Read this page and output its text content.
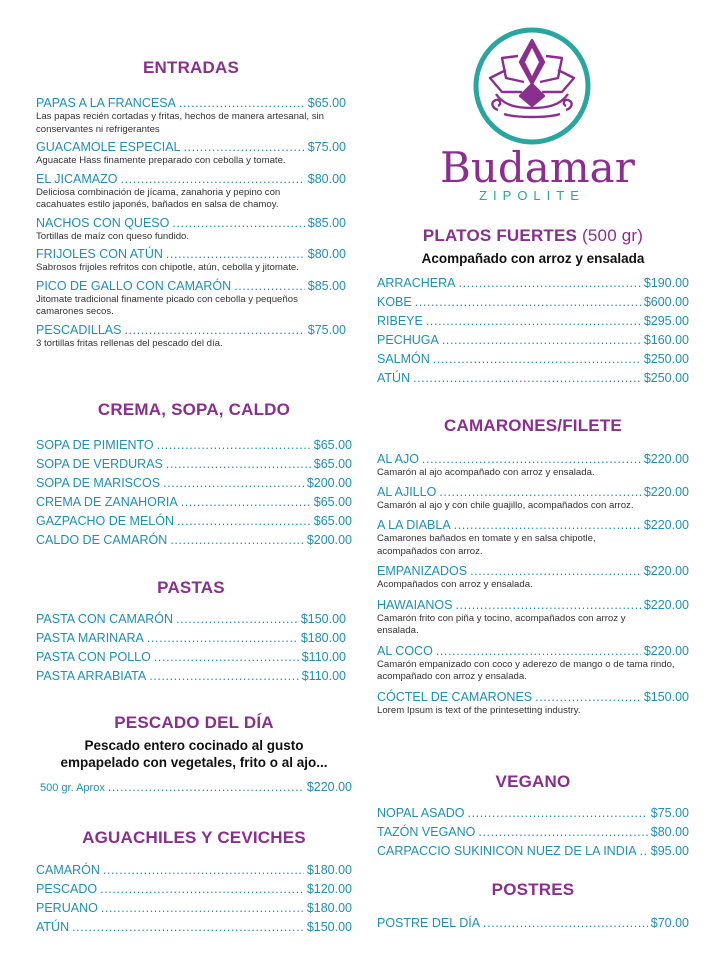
ENTRADAS
PAPAS A LA FRANCESA .....	$65.00

Las papas recién cortadas y fritas, hechos de manera artesanal, sin conservantes ni refrigerantes

GUACAMOLE ESPECIAL .....	$75.00

Aguacate Hass finamente preparado con cebolla y tomate.

EL JICAMAZO .....	$80.00

Deliciosa combinación de jícama, zanahoria y pepino con cacahuates estilo japonés, bañados en salsa de chamoy.

NACHOS CON QUESO .....	$85.00

Tortillas de maíz con queso fundido.

FRIJOLES CON ATÚN .....	$80.00

Sabrosos frijoles refritos con chipotle, atún, cebolla y jitomate.

PICO DE GALLO CON CAMARÓN .....	$85.00

Jitomate tradicional finamente picado con cebolla y pequeños camarones secos.

PESCADILLAS .....	$75.00

3 tortillas fritas rellenas del pescado del día.

CREMA, SOPA, CALDO
SOPA DE PIMIENTO .....	$65.00
SOPA DE VERDURAS .....	$65.00
SOPA DE MARISCOS .....	$200.00
CREMA DE ZANAHORIA .....	$65.00
GAZPACHO DE MELÓN .....	$65.00
CALDO DE CAMARÓN .....	$200.00
PASTAS
PASTA CON CAMARÓN .....	$150.00
PASTA MARINARA .....	$180.00
PASTA CON POLLO .....	$110.00
PASTA ARRABIATA .....	$110.00
PESCADO DEL DÍA
Pescado entero cocinado al gusto
empapelado con vegetales, frito o al ajo...
500 gr. Aprox .....	$220.00
AGUACHILES Y CEVICHES
CAMARÓN .....	$180.00
PESCADO .....	$120.00
PERUANO .....	$180.00
ATÚN .....	$150.00
Budamar
ZIPOLITE
PLATOS FUERTES (500 gr)
Acompañado con arroz y ensalada
ARRACHERA .....	$190.00
KOBE .....	$600.00
RIBEYE .....	$295.00
PECHUGA .....	$160.00
SALMÓN .....	$250.00
ATÚN .....	$250.00
CAMARONES/FILETE
AL AJO .....	$220.00

Camarón al ajo acompañado con arroz y ensalada.

AL AJILLO .....	$220.00

Camarón al ajo y con chile guajillo, acompañados con arroz.

A LA DIABLA .....	$220.00

Camarones bañados en tomate y en salsa chipotle, acompañados con arroz.

EMPANIZADOS .....	$220.00

Acompañados con arroz y ensalada.

HAWAIANOS .....	$220.00

Camarón frito con piña y tocino, acompañados con arroz y ensalada.

AL COCO .....	$220.00

Camarón empanizado con coco y aderezo de mango o de tama rindo, acompañado con arroz y ensalada.

CÓCTEL DE CAMARONES .....	$150.00

Lorem Ipsum is text of the printesetting industry.

VEGANO
NOPAL ASADO .....	$75.00
TAZÓN VEGANO .....	$80.00
CARPACCIO SUKINICON NUEZ DE LA INDIA ..... $95.00
POSTRES
POSTRE DEL DÍA .....	$70.00
